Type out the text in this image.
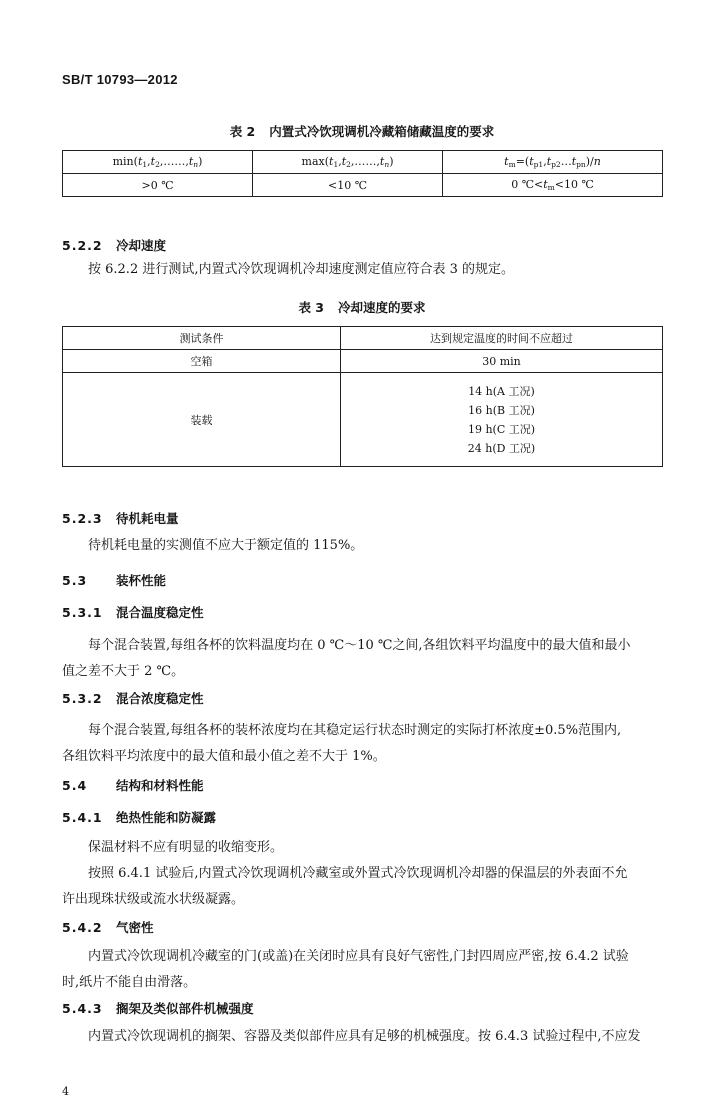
SB/T 10793—2012
表 2 内置式冷饮现调机冷藏箱储藏温度的要求
$\min(t_1,t_2,\dots\dots,t_n)$	$\max(t_1,t_2,\dots\dots,t_n)$	$t_m=(t_{p1},t_{p2}\dots t_{pn})/n$
>0 ℃	<10 ℃	0 $℃<t_m<10$ ℃
5.2.2 冷却速度
按 6.2.2 进行测试,内置式冷饮现调机冷却速度测定值应符合表 3 的规定。
表 3 冷却速度的要求
测试条件	达到规定温度的时间不应超过
空箱	30 min
装载	14 h(A 工况)
16 h(B 工况)
19 h(C 工况)
24 h(D 工况)
5.2.3 待机耗电量
待机耗电量的实测值不应大于额定值的 115%。
5.3 装杯性能
5.3.1 混合温度稳定性
每个混合装置,每组各杯的饮料温度均在 0 ℃～10 ℃之间,各组饮料平均温度中的最大值和最小
值之差不大于 2 ℃。
5.3.2 混合浓度稳定性
每个混合装置,每组各杯的装杯浓度均在其稳定运行状态时测定的实际打杯浓度±0.5%范围内,
各组饮料平均浓度中的最大值和最小值之差不大于 1%。
5.4 结构和材料性能
5.4.1 绝热性能和防凝露
保温材料不应有明显的收缩变形。
按照 6.4.1 试验后,内置式冷饮现调机冷藏室或外置式冷饮现调机冷却器的保温层的外表面不允
许出现珠状级或流水状级凝露。
5.4.2 气密性
内置式冷饮现调机冷藏室的门(或盖)在关闭时应具有良好气密性,门封四周应严密,按 6.4.2 试验
时,纸片不能自由滑落。
5.4.3 搁架及类似部件机械强度
内置式冷饮现调机的搁架、容器及类似部件应具有足够的机械强度。按 6.4.3 试验过程中,不应发
4
